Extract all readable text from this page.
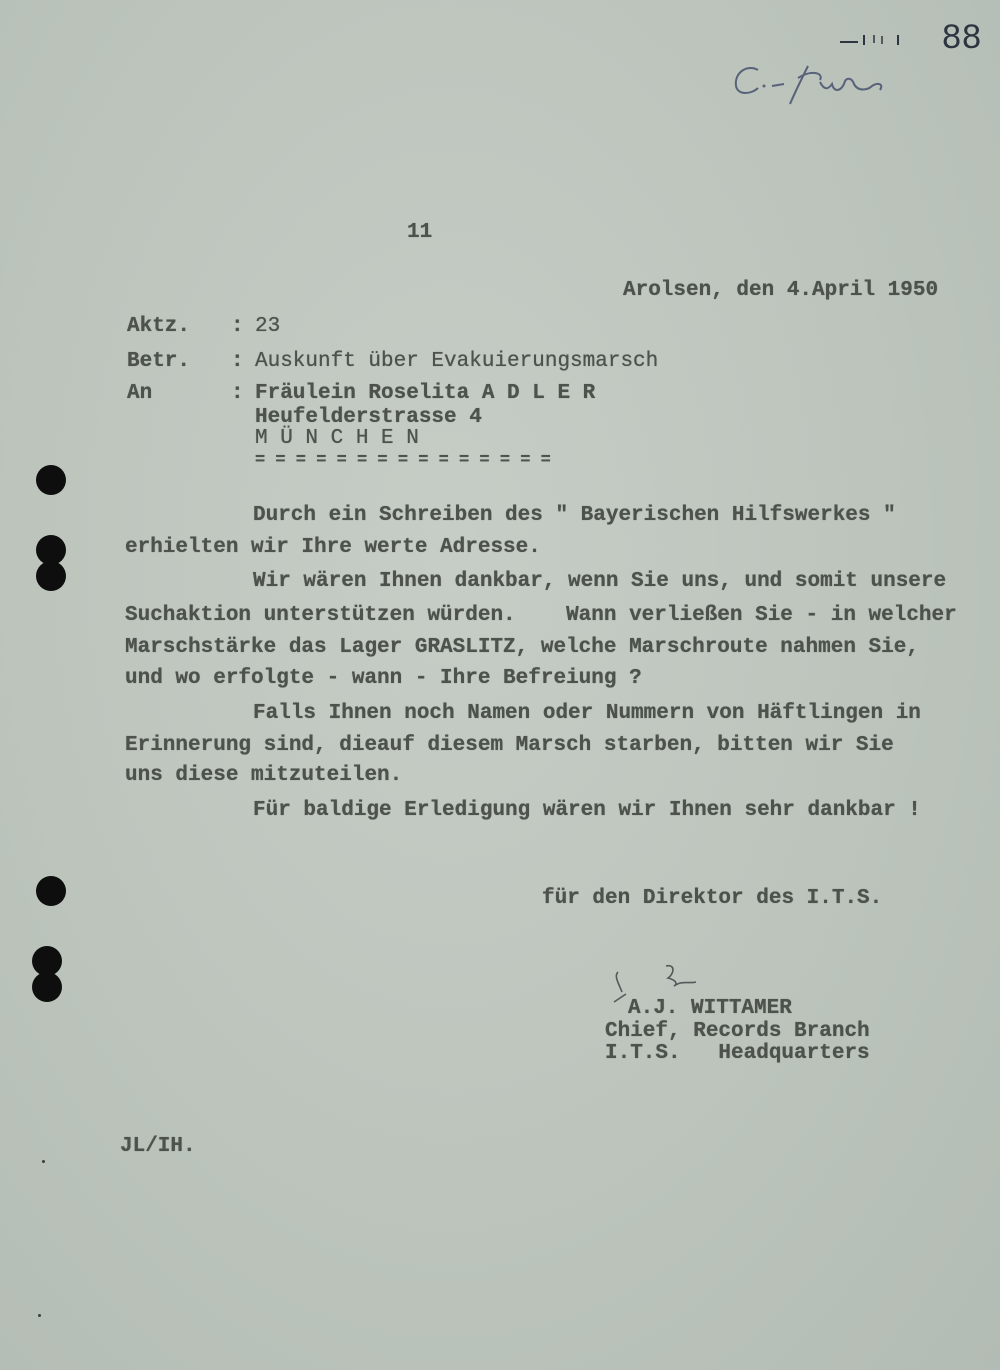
88
11
Arolsen, den 4.April 1950
Aktz. : 23
Betr. : Auskunft über Evakuierungsmarsch
An	: Fräulein Roselita A D L E R
Heufelderstrasse 4
M Ü N C H E N
= = = = = = = = = = = = = = =
Durch ein Schreiben des " Bayerischen Hilfswerkes "
erhielten wir Ihre werte Adresse.
Wir wären Ihnen dankbar, wenn Sie uns, und somit unsere
Suchaktion unterstützen würden.    Wann verließen Sie - in welcher
Marschstärke das Lager GRASLITZ, welche Marschroute nahmen Sie,
und wo erfolgte - wann - Ihre Befreiung ?
Falls Ihnen noch Namen oder Nummern von Häftlingen in
Erinnerung sind, dieauf diesem Marsch starben, bitten wir Sie
uns diese mitzuteilen.
Für baldige Erledigung wären wir Ihnen sehr dankbar !
für den Direktor des I.T.S.
A.J. WITTAMER
Chief, Records Branch
I.T.S.   Headquarters
JL/IH.
